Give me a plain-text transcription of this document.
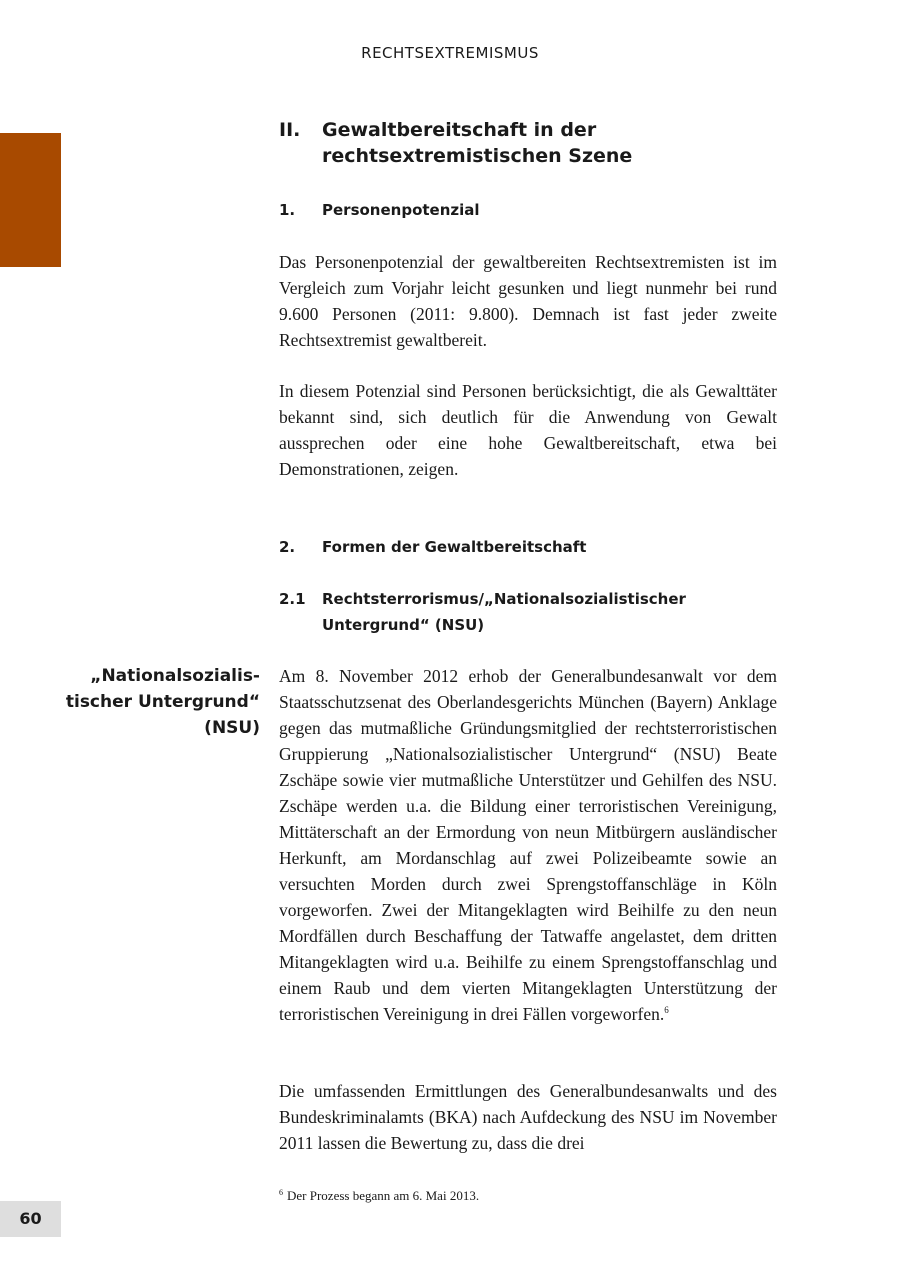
RECHTSEXTREMISMUS
II.	Gewaltbereitschaft in der rechtsextremistischen Szene
1.	Personenpotenzial

Das Personenpotenzial der gewaltbereiten Rechtsextremisten ist im Vergleich zum Vorjahr leicht gesunken und liegt nunmehr bei rund 9.600 Personen (2011: 9.800). Demnach ist fast jeder zweite Rechtsextremist gewaltbereit.

In diesem Potenzial sind Personen berücksichtigt, die als Gewalttäter bekannt sind, sich deutlich für die Anwendung von Gewalt aussprechen oder eine hohe Gewaltbereitschaft, etwa bei Demonstrationen, zeigen.

2.	Formen der Gewaltbereitschaft
2.1	Rechtsterrorismus/„Nationalsozialistischer Untergrund“ (NSU)

„Nationalsozialis-
tischer Untergrund“
(NSU)

Am 8. November 2012 erhob der Generalbundesanwalt vor dem Staatsschutzsenat des Oberlandesgerichts München (Bayern) Anklage gegen das mutmaßliche Gründungsmitglied der rechtsterroristischen Gruppierung „Nationalsozialistischer Untergrund“ (NSU) Beate Zschäpe sowie vier mutmaßliche Unterstützer und Gehilfen des NSU. Zschäpe werden u.a. die Bildung einer terroristischen Vereinigung, Mittäterschaft an der Ermordung von neun Mitbürgern ausländischer Herkunft, am Mordanschlag auf zwei Polizeibeamte sowie an versuchten Morden durch zwei Sprengstoffanschläge in Köln vorgeworfen. Zwei der Mitangeklagten wird Beihilfe zu den neun Mordfällen durch Beschaffung der Tatwaffe angelastet, dem dritten Mitangeklagten wird u.a. Beihilfe zu einem Sprengstoffanschlag und einem Raub und dem vierten Mitangeklagten Unterstützung der terroristischen Vereinigung in drei Fällen vorgeworfen.$^6$

Die umfassenden Ermittlungen des Generalbundesanwalts und des Bundeskriminalamts (BKA) nach Aufdeckung des NSU im November 2011 lassen die Bewertung zu, dass die drei

$^6$ Der Prozess begann am 6. Mai 2013.
60
